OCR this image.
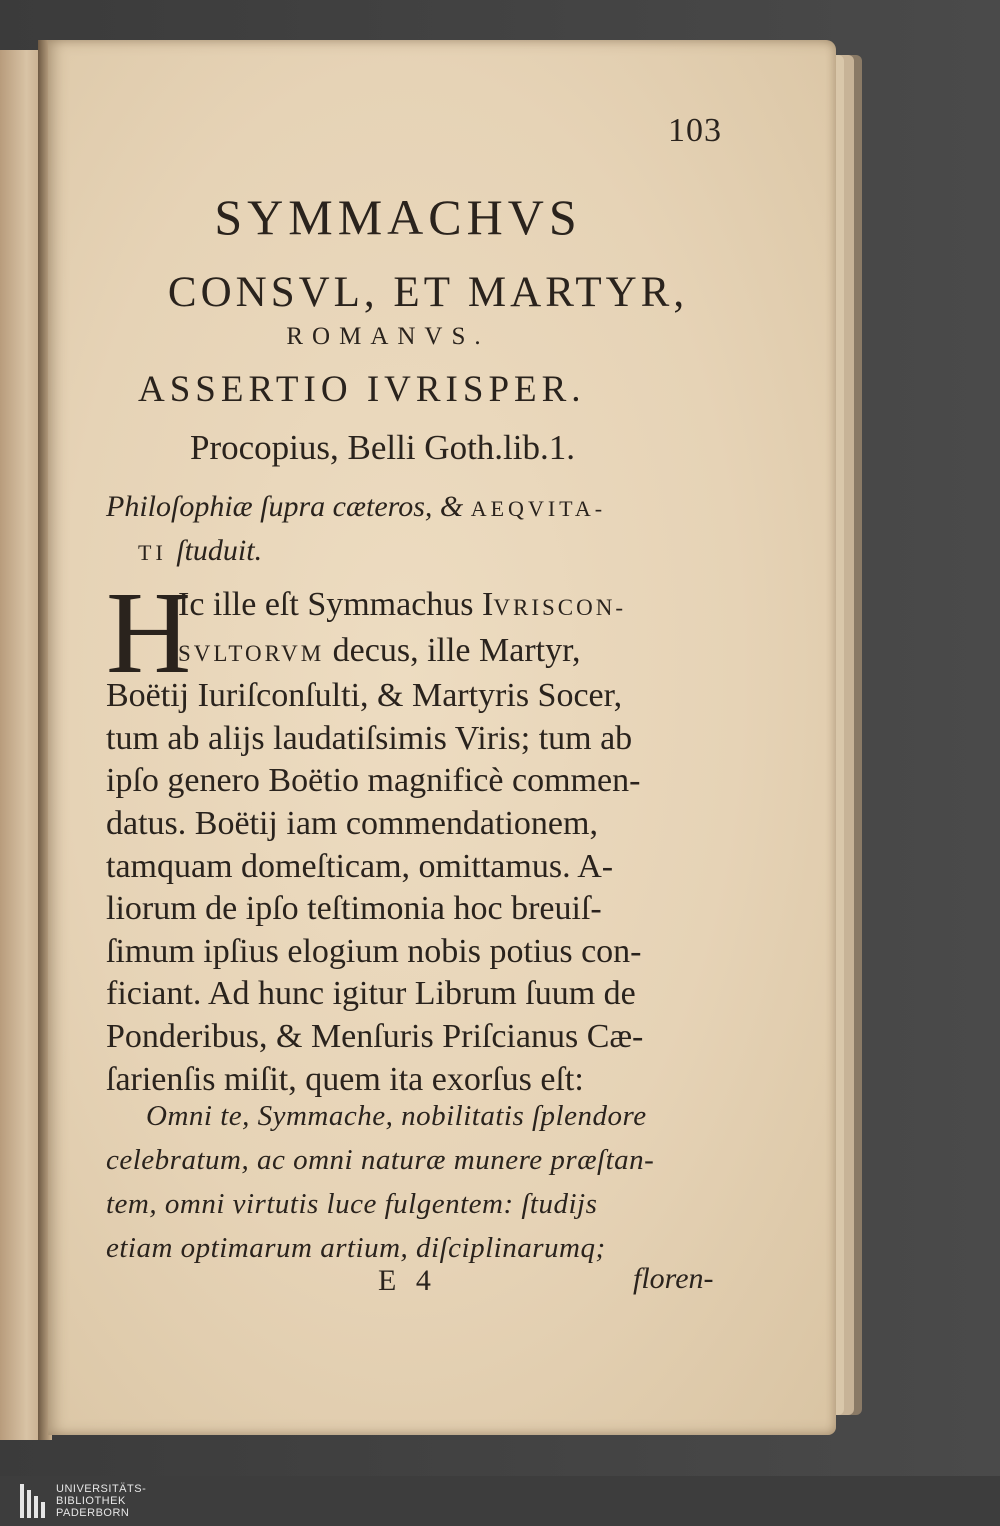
103
SYMMACHVS
CONSVL, ET MARTYR,
ROMANVS.
ASSERTIO IVRISPER.
Procopius, Belli Goth.lib.1.
Philoſophiæ ſupra cæteros, & AEQVITA-
TI ſtuduit.
H
Ic ille eſt Symmachus IVRISCON-
SVLTORVM decus, ille Martyr,
Boëtij Iuriſconſulti, & Martyris Socer,
tum ab alijs laudatiſsimis Viris; tum ab
ipſo genero Boëtio magnificè commen-
datus. Boëtij iam commendationem,
tamquam domeſticam, omittamus. A-
liorum de ipſo teſtimonia hoc breuiſ-
ſimum ipſius elogium nobis potius con-
ficiant. Ad hunc igitur Librum ſuum de
Ponderibus, & Menſuris Priſcianus Cæ-
ſarienſis miſit, quem ita exorſus eſt:
Omni te, Symmache, nobilitatis ſplendore
celebratum, ac omni naturæ munere præſtan-
tem, omni virtutis luce fulgentem: ſtudijs
etiam optimarum artium, diſciplinarumq;
E 4	floren-
UNIVERSITÄTS-
BIBLIOTHEK
PADERBORN
